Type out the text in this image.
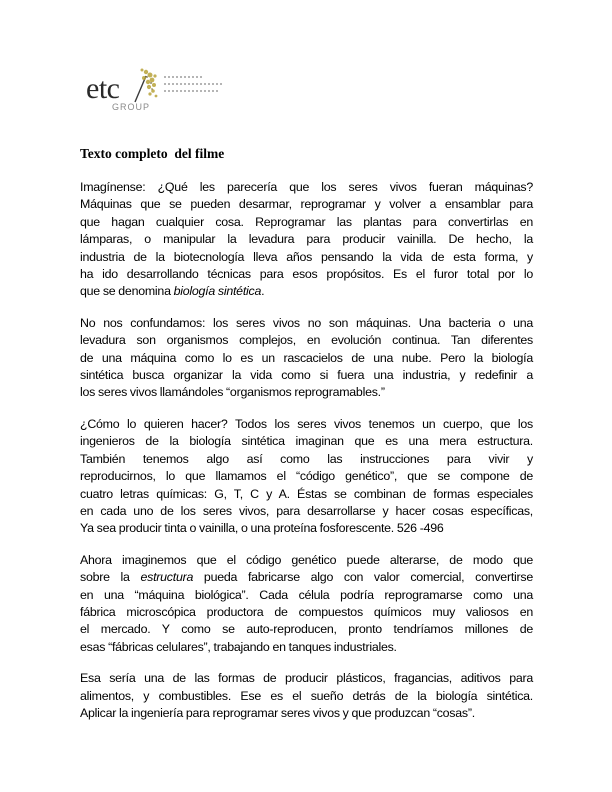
etc
GROUP
Texto completo  del filme

Imagínense: ¿Qué les parecería que los seres vivos fueran máquinas?
Máquinas que se pueden desarmar, reprogramar y volver a ensamblar para
que hagan cualquier cosa. Reprogramar las plantas para convertirlas en
lámparas, o manipular la levadura para producir vainilla. De hecho, la
industria de la biotecnología lleva años pensando la vida de esta forma, y
ha ido desarrollando técnicas para esos propósitos. Es el furor total por lo
que se denomina biología sintética.

No nos confundamos: los seres vivos no son máquinas. Una bacteria o una
levadura son organismos complejos, en evolución continua. Tan diferentes
de una máquina como lo es un rascacielos de una nube. Pero la biología
sintética busca organizar la vida como si fuera una industria, y redefinir a
los seres vivos llamándoles “organismos reprogramables.”

¿Cómo lo quieren hacer? Todos los seres vivos tenemos un cuerpo, que los
ingenieros de la biología sintética imaginan que es una mera estructura.
También tenemos algo así como las instrucciones para vivir y
reproducirnos, lo que llamamos el “código genético”, que se compone de
cuatro letras químicas: G, T, C y A. Éstas se combinan de formas especiales
en cada uno de los seres vivos, para desarrollarse y hacer cosas específicas,
Ya sea producir tinta o vainilla, o una proteína fosforescente. 526 -496

Ahora imaginemos que el código genético puede alterarse, de modo que
sobre la estructura pueda fabricarse algo con valor comercial, convertirse
en una “máquina biológica”. Cada célula podría reprogramarse como una
fábrica microscópica productora de compuestos químicos muy valiosos en
el mercado. Y como se auto-reproducen, pronto tendríamos millones de
esas “fábricas celulares”, trabajando en tanques industriales.

Esa sería una de las formas de producir plásticos, fragancias, aditivos para
alimentos, y combustibles. Ese es el sueño detrás de la biología sintética.
Aplicar la ingeniería para reprogramar seres vivos y que produzcan “cosas”.
